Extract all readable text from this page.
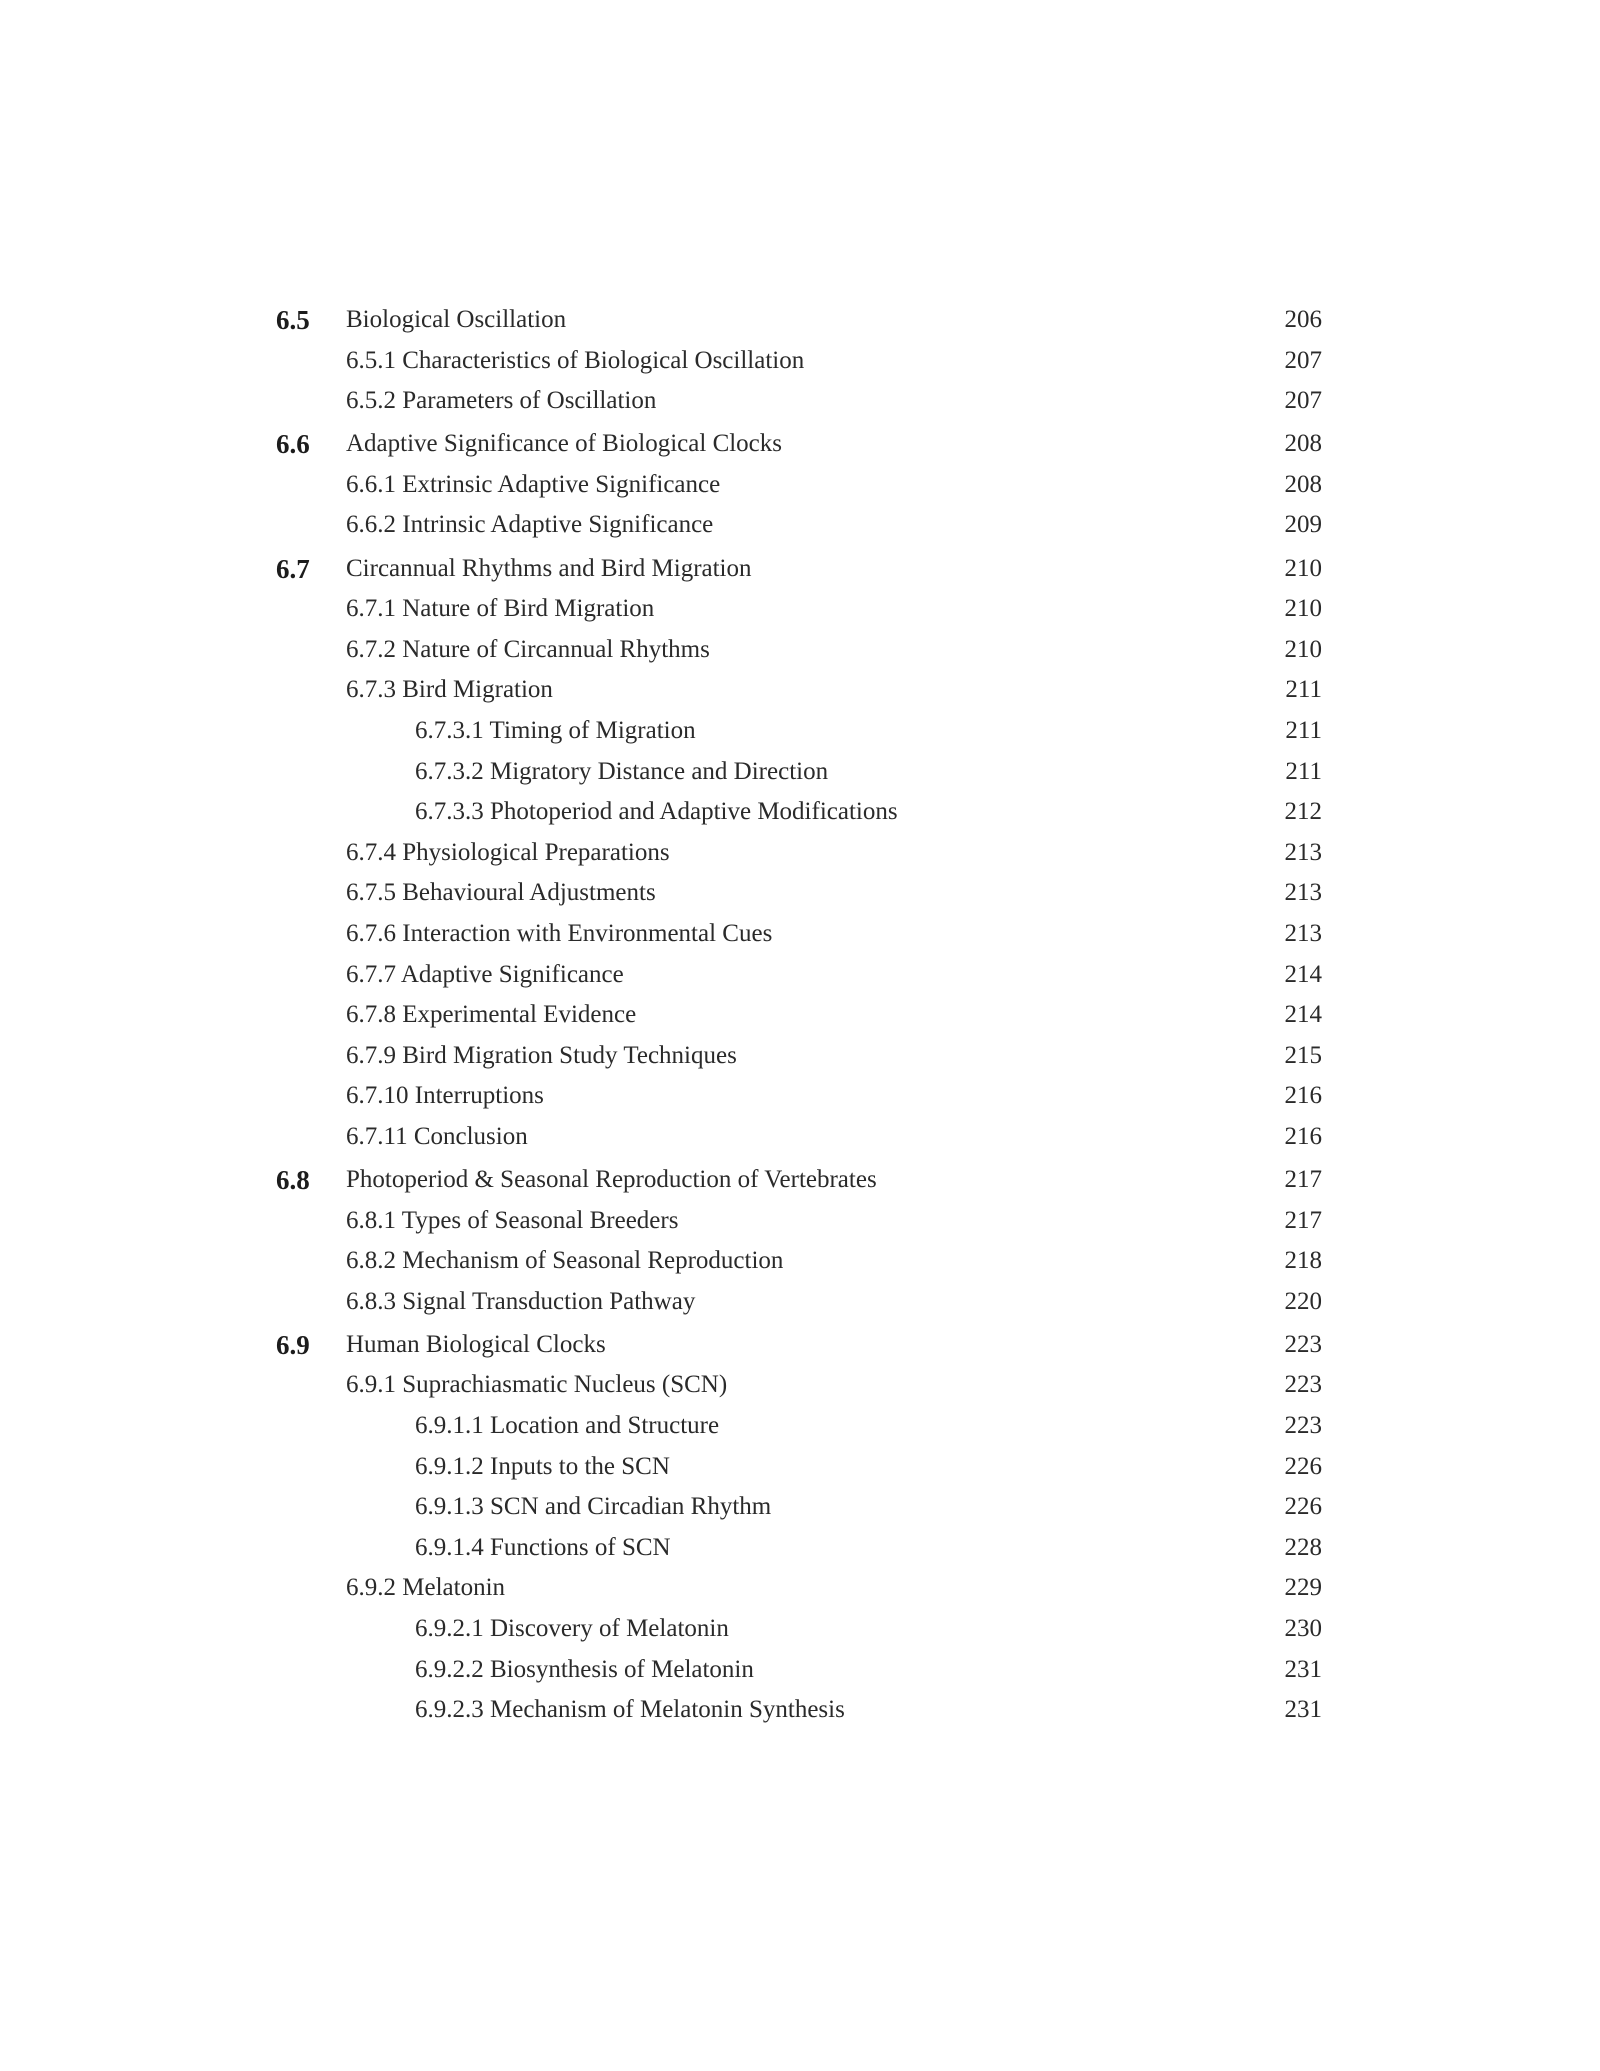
6.5 Biological Oscillation	206
6.5.1 Characteristics of Biological Oscillation	207
6.5.2 Parameters of Oscillation	207
6.6 Adaptive Significance of Biological Clocks	208
6.6.1 Extrinsic Adaptive Significance	208
6.6.2 Intrinsic Adaptive Significance	209
6.7 Circannual Rhythms and Bird Migration	210
6.7.1 Nature of Bird Migration	210
6.7.2 Nature of Circannual Rhythms	210
6.7.3 Bird Migration	211
6.7.3.1 Timing of Migration	211
6.7.3.2 Migratory Distance and Direction	211
6.7.3.3 Photoperiod and Adaptive Modifications	212
6.7.4 Physiological Preparations	213
6.7.5 Behavioural Adjustments	213
6.7.6 Interaction with Environmental Cues	213
6.7.7 Adaptive Significance	214
6.7.8 Experimental Evidence	214
6.7.9 Bird Migration Study Techniques	215
6.7.10 Interruptions	216
6.7.11 Conclusion	216
6.8 Photoperiod & Seasonal Reproduction of Vertebrates	217
6.8.1 Types of Seasonal Breeders	217
6.8.2 Mechanism of Seasonal Reproduction	218
6.8.3 Signal Transduction Pathway	220
6.9 Human Biological Clocks	223
6.9.1 Suprachiasmatic Nucleus (SCN)	223
6.9.1.1 Location and Structure	223
6.9.1.2 Inputs to the SCN	226
6.9.1.3 SCN and Circadian Rhythm	226
6.9.1.4 Functions of SCN	228
6.9.2 Melatonin	229
6.9.2.1 Discovery of Melatonin	230
6.9.2.2 Biosynthesis of Melatonin	231
6.9.2.3 Mechanism of Melatonin Synthesis	231
